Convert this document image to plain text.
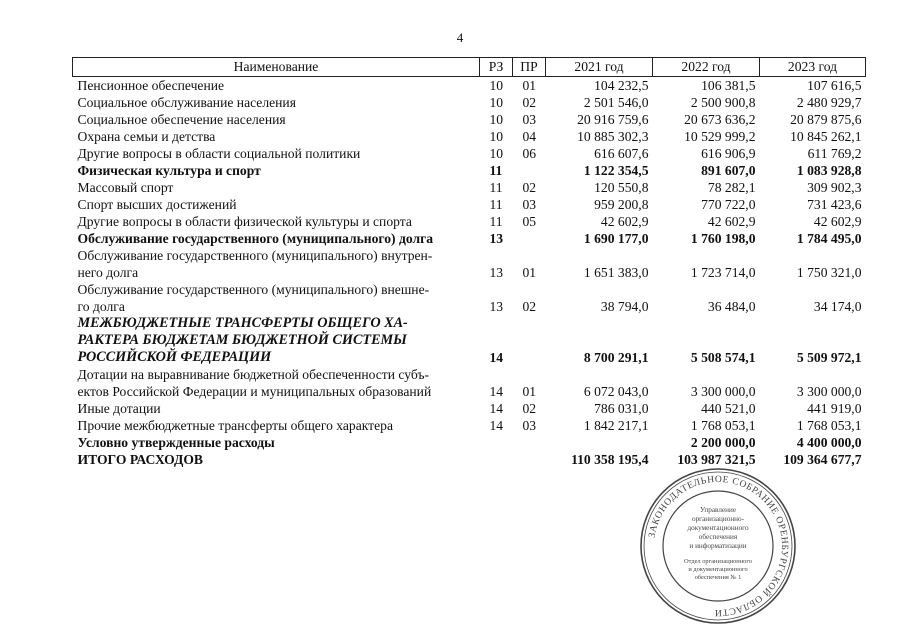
4
Наименование	РЗ	ПР	2021 год	2022 год	2023 год
Пенсионное обеспечение	10	01	104 232,5	106 381,5	107 616,5
Социальное обслуживание населения	10	02	2 501 546,0	2 500 900,8	2 480 929,7
Социальное обеспечение населения	10	03	20 916 759,6	20 673 636,2	20 879 875,6
Охрана семьи и детства	10	04	10 885 302,3	10 529 999,2	10 845 262,1
Другие вопросы в области социальной политики	10	06	616 607,6	616 906,9	611 769,2
Физическая культура и спорт	11		1 122 354,5	891 607,0	1 083 928,8
Массовый спорт	11	02	120 550,8	78 282,1	309 902,3
Спорт высших достижений	11	03	959 200,8	770 722,0	731 423,6
Другие вопросы в области физической культуры и спорта	11	05	42 602,9	42 602,9	42 602,9
Обслуживание государственного (муниципального) долга	13		1 690 177,0	1 760 198,0	1 784 495,0

Обслуживание государственного (муниципального) внутрен-
него долга	13	01	1 651 383,0	1 723 714,0	1 750 321,0

Обслуживание государственного (муниципального) внешне-
го долга	13	02	38 794,0	36 484,0	34 174,0

МЕЖБЮДЖЕТНЫЕ ТРАНСФЕРТЫ ОБЩЕГО ХА-
РАКТЕРА БЮДЖЕТАМ БЮДЖЕТНОЙ СИСТЕМЫ
РОССИЙСКОЙ ФЕДЕРАЦИИ	14		8 700 291,1	5 508 574,1	5 509 972,1

Дотации на выравнивание бюджетной обеспеченности субъ-
ектов Российской Федерации и муниципальных образований	14	01	6 072 043,0	3 300 000,0	3 300 000,0
Иные дотации	14	02	786 031,0	440 521,0	441 919,0
Прочие межбюджетные трансферты общего характера	14	03	1 842 217,1	1 768 053,1	1 768 053,1
Условно утвержденные расходы				2 200 000,0	4 400 000,0
ИТОГО РАСХОДОВ			110 358 195,4	103 987 321,5	109 364 677,7
ЗАКОНОДАТЕЛЬНОЕ СОБРАНИЕ ОРЕНБУРГСКОЙ ОБЛАСТИ
Управление
организационно-
документационного
обеспечения
и информатизации
Отдел организационного
и документационного
обеспечения № 1
